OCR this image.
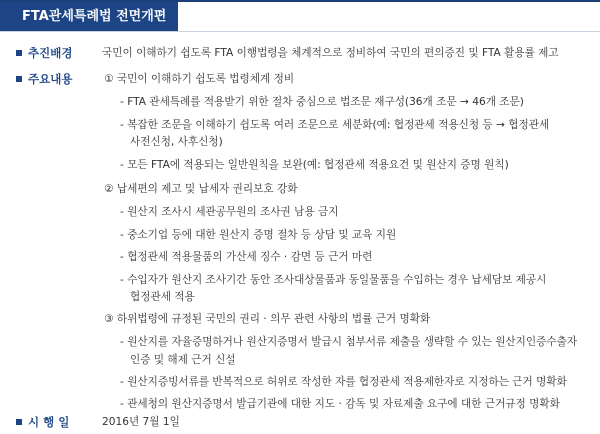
FTA관세특례법 전면개편
추진배경	국민이 이해하기 쉽도록 FTA 이행법령을 체계적으로 정비하여 국민의 편의증진 및 FTA 활용률 제고
주요내용	① 국민이 이해하기 쉽도록 법령체계 정비
- FTA 관세특례를 적용받기 위한 절차 중심으로 법조문 재구성(36개 조문 → 46개 조문)
- 복잡한 조문을 이해하기 쉽도록 여러 조문으로 세분화(예: 협정관세 적용신청 등 → 협정관세
사전신청, 사후신청)
- 모든 FTA에 적용되는 일반원칙을 보완(예: 협정관세 적용요건 및 원산지 증명 원칙)
② 납세편의 제고 및 납세자 권리보호 강화
- 원산지 조사시 세관공무원의 조사권 남용 금지
- 중소기업 등에 대한 원산지 증명 절차 등 상담 및 교육 지원
- 협정관세 적용물품의 가산세 징수 · 감면 등 근거 마련
- 수입자가 원산지 조사기간 동안 조사대상물품과 동일물품을 수입하는 경우 납세담보 제공시
협정관세 적용
③ 하위법령에 규정된 국민의 권리 · 의무 관련 사항의 법률 근거 명확화
- 원산지를 자율증명하거나 원산지증명서 발급시 첨부서류 제출을 생략할 수 있는 원산지인증수출자
인증 및 해제 근거 신설
- 원산지증빙서류를 반복적으로 허위로 작성한 자를 협정관세 적용제한자로 지정하는 근거 명확화
- 관세청의 원산지증명서 발급기관에 대한 지도 · 감독 및 자료제출 요구에 대한 근거규정 명확화
시 행 일	2016년 7월 1일
